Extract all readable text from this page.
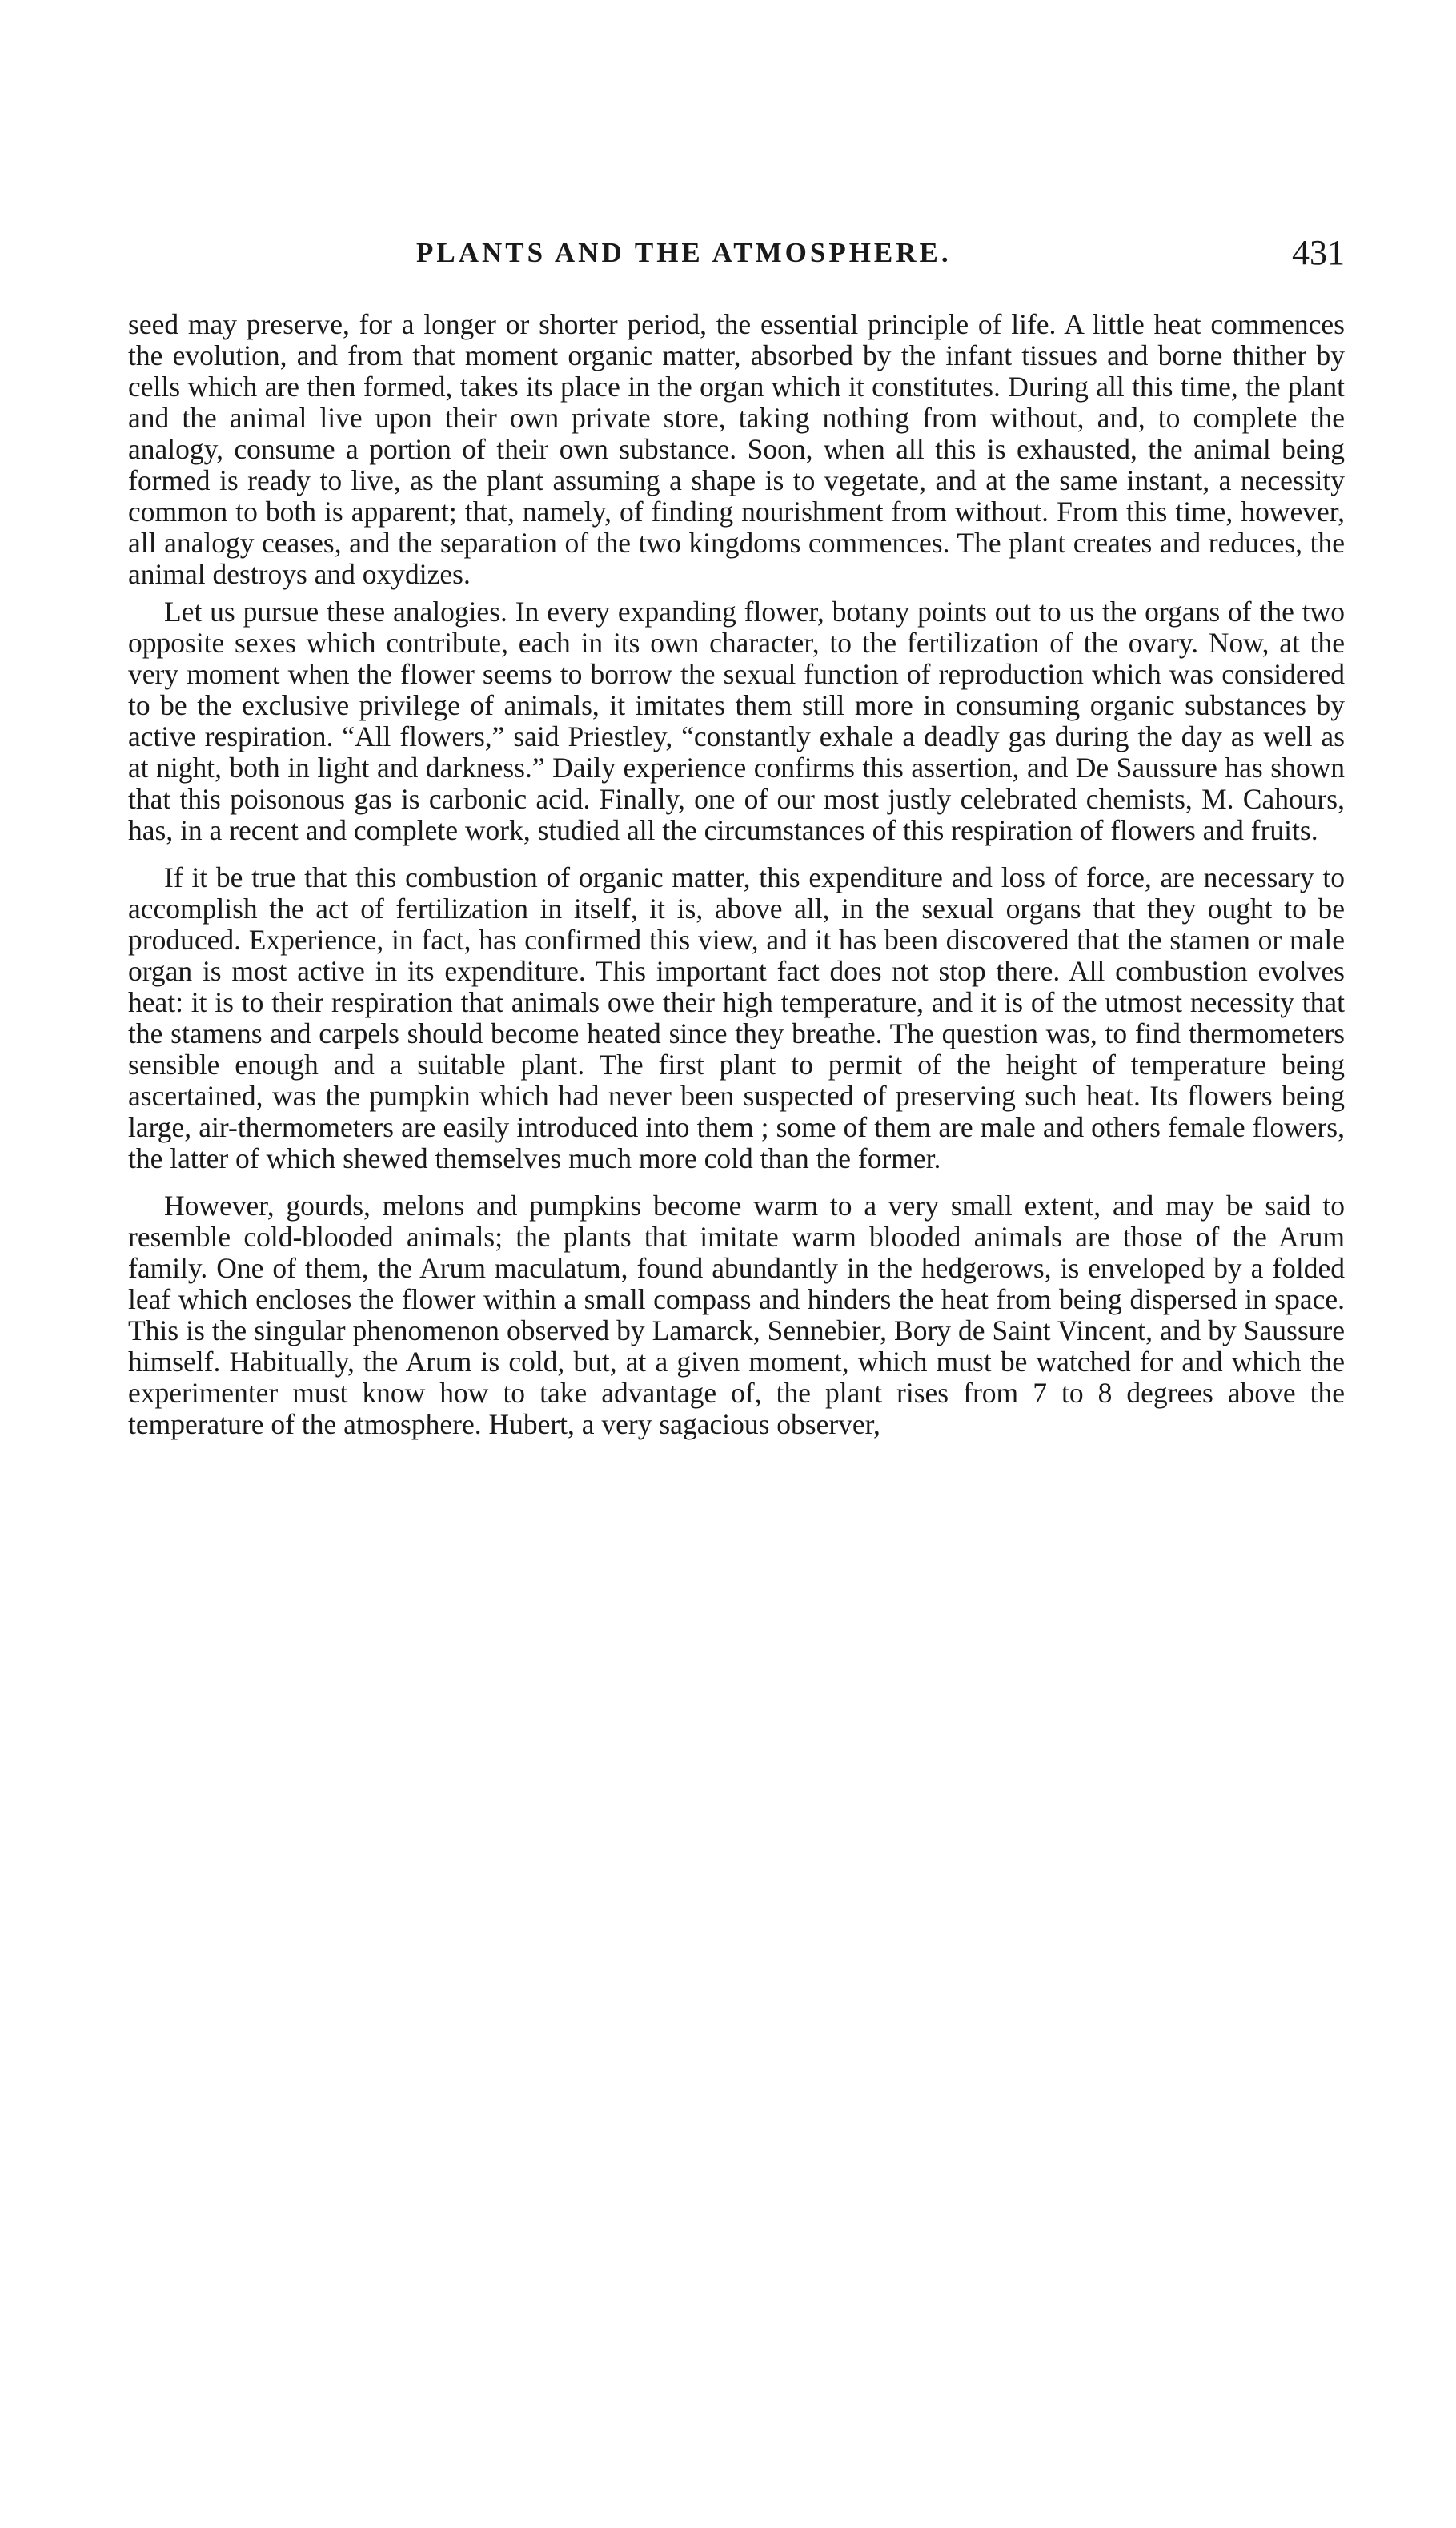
PLANTS AND THE ATMOSPHERE.	431

seed may preserve, for a longer or shorter period, the essential principle of life. A little heat commences the evolution, and from that moment organic matter, absorbed by the infant tissues and borne thither by cells which are then formed, takes its place in the organ which it constitutes. During all this time, the plant and the animal live upon their own private store, taking nothing from without, and, to complete the analogy, consume a portion of their own substance. Soon, when all this is exhausted, the animal being formed is ready to live, as the plant assuming a shape is to vegetate, and at the same instant, a necessity common to both is apparent; that, namely, of finding nourishment from without. From this time, however, all analogy ceases, and the separation of the two kingdoms commences. The plant creates and reduces, the animal destroys and oxydizes.

Let us pursue these analogies. In every expanding flower, botany points out to us the organs of the two opposite sexes which contribute, each in its own character, to the fertilization of the ovary. Now, at the very moment when the flower seems to borrow the sexual function of reproduction which was considered to be the exclusive privilege of animals, it imitates them still more in consuming organic substances by active respiration. “All flowers,” said Priestley, “constantly exhale a deadly gas during the day as well as at night, both in light and darkness.” Daily experience confirms this assertion, and De Saussure has shown that this poisonous gas is carbonic acid. Finally, one of our most justly celebrated chemists, M. Cahours, has, in a recent and complete work, studied all the circumstances of this respiration of flowers and fruits.

If it be true that this combustion of organic matter, this expenditure and loss of force, are necessary to accomplish the act of fertilization in itself, it is, above all, in the sexual organs that they ought to be produced. Experience, in fact, has confirmed this view, and it has been discovered that the stamen or male organ is most active in its expenditure. This important fact does not stop there. All combustion evolves heat: it is to their respiration that animals owe their high temperature, and it is of the utmost necessity that the stamens and carpels should become heated since they breathe. The question was, to find thermometers sensible enough and a suitable plant. The first plant to permit of the height of temperature being ascertained, was the pumpkin which had never been suspected of preserving such heat. Its flowers being large, air-thermometers are easily introduced into them ; some of them are male and others female flowers, the latter of which shewed themselves much more cold than the former.

However, gourds, melons and pumpkins become warm to a very small extent, and may be said to resemble cold-blooded animals; the plants that imitate warm blooded animals are those of the Arum family. One of them, the Arum maculatum, found abundantly in the hedgerows, is enveloped by a folded leaf which encloses the flower within a small compass and hinders the heat from being dispersed in space. This is the singular phenomenon observed by Lamarck, Sennebier, Bory de Saint Vincent, and by Saussure himself. Habitually, the Arum is cold, but, at a given moment, which must be watched for and which the experimenter must know how to take advantage of, the plant rises from 7 to 8 degrees above the temperature of the atmosphere. Hubert, a very sagacious observer,
